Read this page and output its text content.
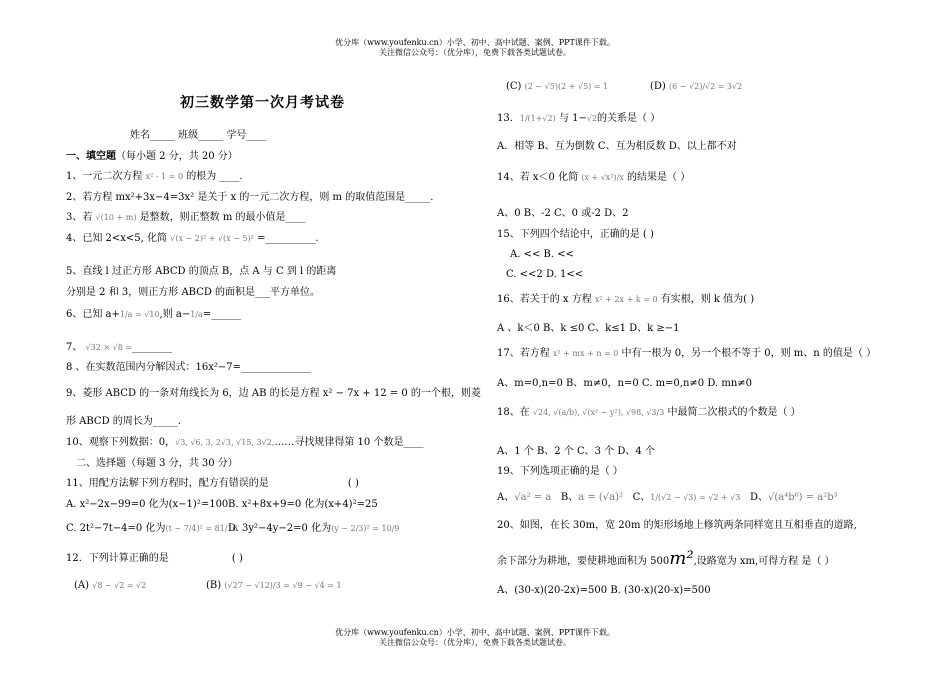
优分库（www.youfenku.cn）小学、初中、高中试题、案例、PPT课件下载。
关注微信公众号：（优分库），免费下载各类试题试卷。
初三数学第一次月考试卷
姓名_____ 班级_____ 学号____
一、填空题（每小题 2 分，共 20 分）
1、一元二次方程 x² - 1 = 0 的根为 ____.
2、若方程 mx²+3x−4=3x² 是关于 x 的一元二次方程，则 m 的取值范围是_____.
3、若 √(10 + m) 是整数，则正整数 m 的最小值是____
4、已知 2<x<5, 化简 √(x − 2)² + √(x − 5)² =__________.
5、直线 l 过正方形 ABCD 的顶点 B，点 A 与 C 到 l 的距离
分别是 2 和 3，则正方形 ABCD 的面积是___平方单位。
6、已知 a+1/a = √10,则 a−1/a=______
7、 √32 × √8 =________
8 、在实数范围内分解因式：16x²−7=______________
9、菱形 ABCD 的一条对角线长为 6，边 AB 的长是方程 x² − 7x + 12 = 0 的一个根，则菱
形 ABCD 的周长为_____.
10、观察下列数据：0，√3, √6, 3, 2√3, √15, 3√2,……寻找规律得第 10 个数是____
二、选择题（每题 3 分，共 30 分）
11、用配方法解下列方程时，配方有错误的是	( )
A. x²−2x−99=0 化为(x−1)²=100 B. x²+8x+9=0 化为(x+4)²=25
C. 2t²−7t−4=0 化为(t − 7/4)² = 81/16
D. 3y²−4y−2=0 化为(y − 2/3)² = 10/9
12．下列计算正确的是	( )
(A) √8 − √2 = √2	(B) (√27 − √12)/3 = √9 − √4 = 1
(C) (2 − √5)(2 + √5) = 1	(D) (6 − √2)/√2 = 3√2
13．1/(1+√2) 与 1−√2的关系是（ ）
A．相等 B、互为倒数 C、互为相反数 D、以上都不对
14、若 x＜0 化简 (x + √x²)/x 的结果是（ ）
A、0 B、-2 C、0 或-2 D、2
15、下列四个结论中，正确的是 ( )
A. << B. <<
C. <<2 D. 1<<
16、若关于的 x 方程 x² + 2x + k = 0 有实根，则 k 值为( )
A 、k＜0 B、k ≤0 C、k≤1 D、k ≥−1
17、若方程 x² + mx + n = 0 中有一根为 0，另一个根不等于 0，则 m、n 的值是（ ）
A、m=0,n=0 B、m≠0，n=0 C. m=0,n≠0 D. mn≠0
18、在 √24, √(a/b), √(x² − y²), √98, √3/3 中最简二次根式的个数是（ ）
A、1 个 B、2 个 C、3 个 D、4 个
19、下列选项正确的是（ ）
A、√a² = a B、a = (√a)² C、1/(√2 − √3) = √2 + √3 D、√(a⁴b⁶) = a²b³
20、如图，在长 30m，宽 20m 的矩形场地上修筑两条同样宽且互相垂直的道路,
余下部分为耕地，要使耕地面积为 500m²,设路宽为 xm,可得方程 是（ ）
A、(30-x)(20-2x)=500 B. (30-x)(20-x)=500
优分库（www.youfenku.cn）小学、初中、高中试题、案例、PPT课件下载。
关注微信公众号：（优分库），免费下载各类试题试卷。
